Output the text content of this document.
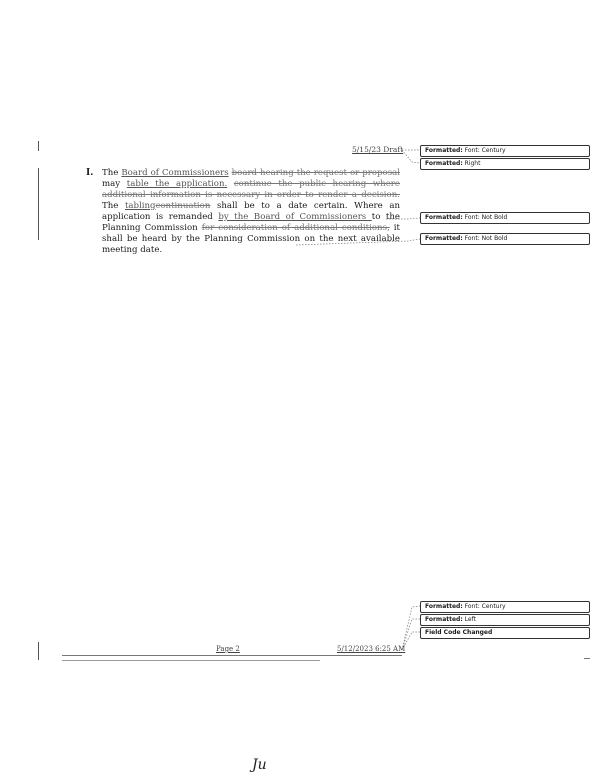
5/15/23 Draft
I. The Board of Commissioners board hearing the request or proposal may table the application. continue the public hearing where additional information is necessary in order to render a decision. The tablingcontinuation shall be to a date certain. Where an application is remanded by the Board of Commissioners to the Planning Commission for consideration of additional conditions, it shall be heard by the Planning Commission on the next available meeting date.
Formatted: Font: Century
Formatted: Right
Formatted: Font: Not Bold
Formatted: Font: Not Bold
Formatted: Font: Century
Formatted: Left
Field Code Changed
Page 2	5/12/2023 6:25 AM
Ju
